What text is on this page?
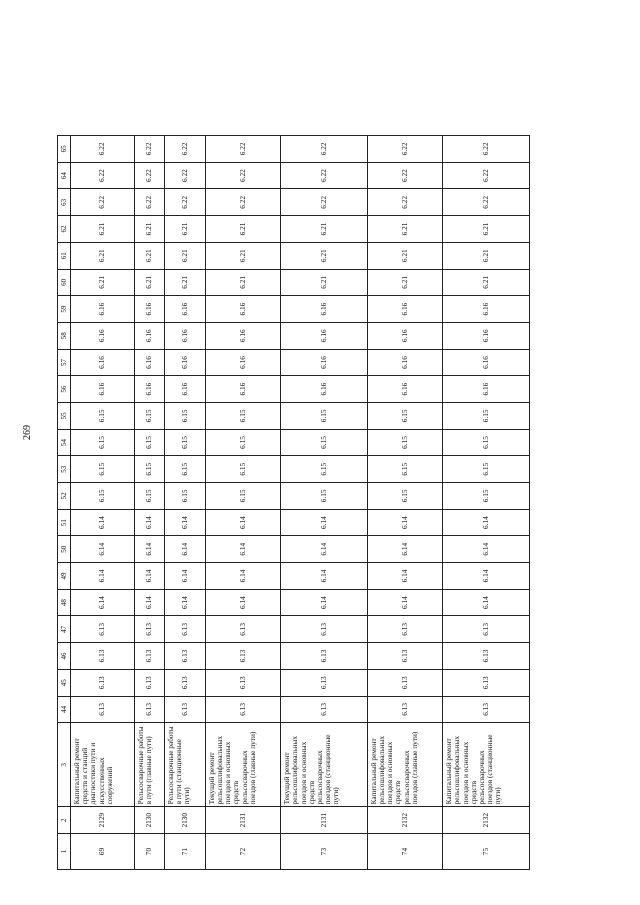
269
1	2	3	44	45	46	47	48	49	50	51	52	53	54	55	56	57	58	59	60	61	62	63	64	65
69	2129	Капитальный ремонт средств и станций диагностики пути и искусственных сооружений	6.13	6.13	6.13	6.13	6.14	6.14	6.14	6.14	6.15	6.15	6.15	6.15	6.16	6.16	6.16	6.16	6.21	6.21	6.21	6.22	6.22	6.22
70	2130	Рельсосварочные работы в пути (главные пути)	6.13	6.13	6.13	6.13	6.14	6.14	6.14	6.14	6.15	6.15	6.15	6.15	6.16	6.16	6.16	6.16	6.21	6.21	6.21	6.22	6.22	6.22
71	2130	Рельсосварочные работы в пути (станционные пути)	6.13	6.13	6.13	6.13	6.14	6.14	6.14	6.14	6.15	6.15	6.15	6.15	6.16	6.16	6.16	6.16	6.21	6.21	6.21	6.22	6.22	6.22
72	2131	Текущий ремонт рельсошлифовальных поездов и основных средств рельсосварочных поездов (главные пути)	6.13	6.13	6.13	6.13	6.14	6.14	6.14	6.14	6.15	6.15	6.15	6.15	6.16	6.16	6.16	6.16	6.21	6.21	6.21	6.22	6.22	6.22
73	2131	Текущий ремонт рельсошлифовальных поездов и основных средств рельсосварочных поездов (станционные пути)	6.13	6.13	6.13	6.13	6.14	6.14	6.14	6.14	6.15	6.15	6.15	6.15	6.16	6.16	6.16	6.16	6.21	6.21	6.21	6.22	6.22	6.22
74	2132	Капитальный ремонт рельсошлифовальных поездов и основных средств рельсосварочных поездов (главные пути)	6.13	6.13	6.13	6.13	6.14	6.14	6.14	6.14	6.15	6.15	6.15	6.15	6.16	6.16	6.16	6.16	6.21	6.21	6.21	6.22	6.22	6.22
75	2132	Капитальный ремонт рельсошлифовальных поездов и основных средств рельсосварочных поездов (станционные пути)	6.13	6.13	6.13	6.13	6.14	6.14	6.14	6.14	6.15	6.15	6.15	6.15	6.16	6.16	6.16	6.16	6.21	6.21	6.21	6.22	6.22	6.22
